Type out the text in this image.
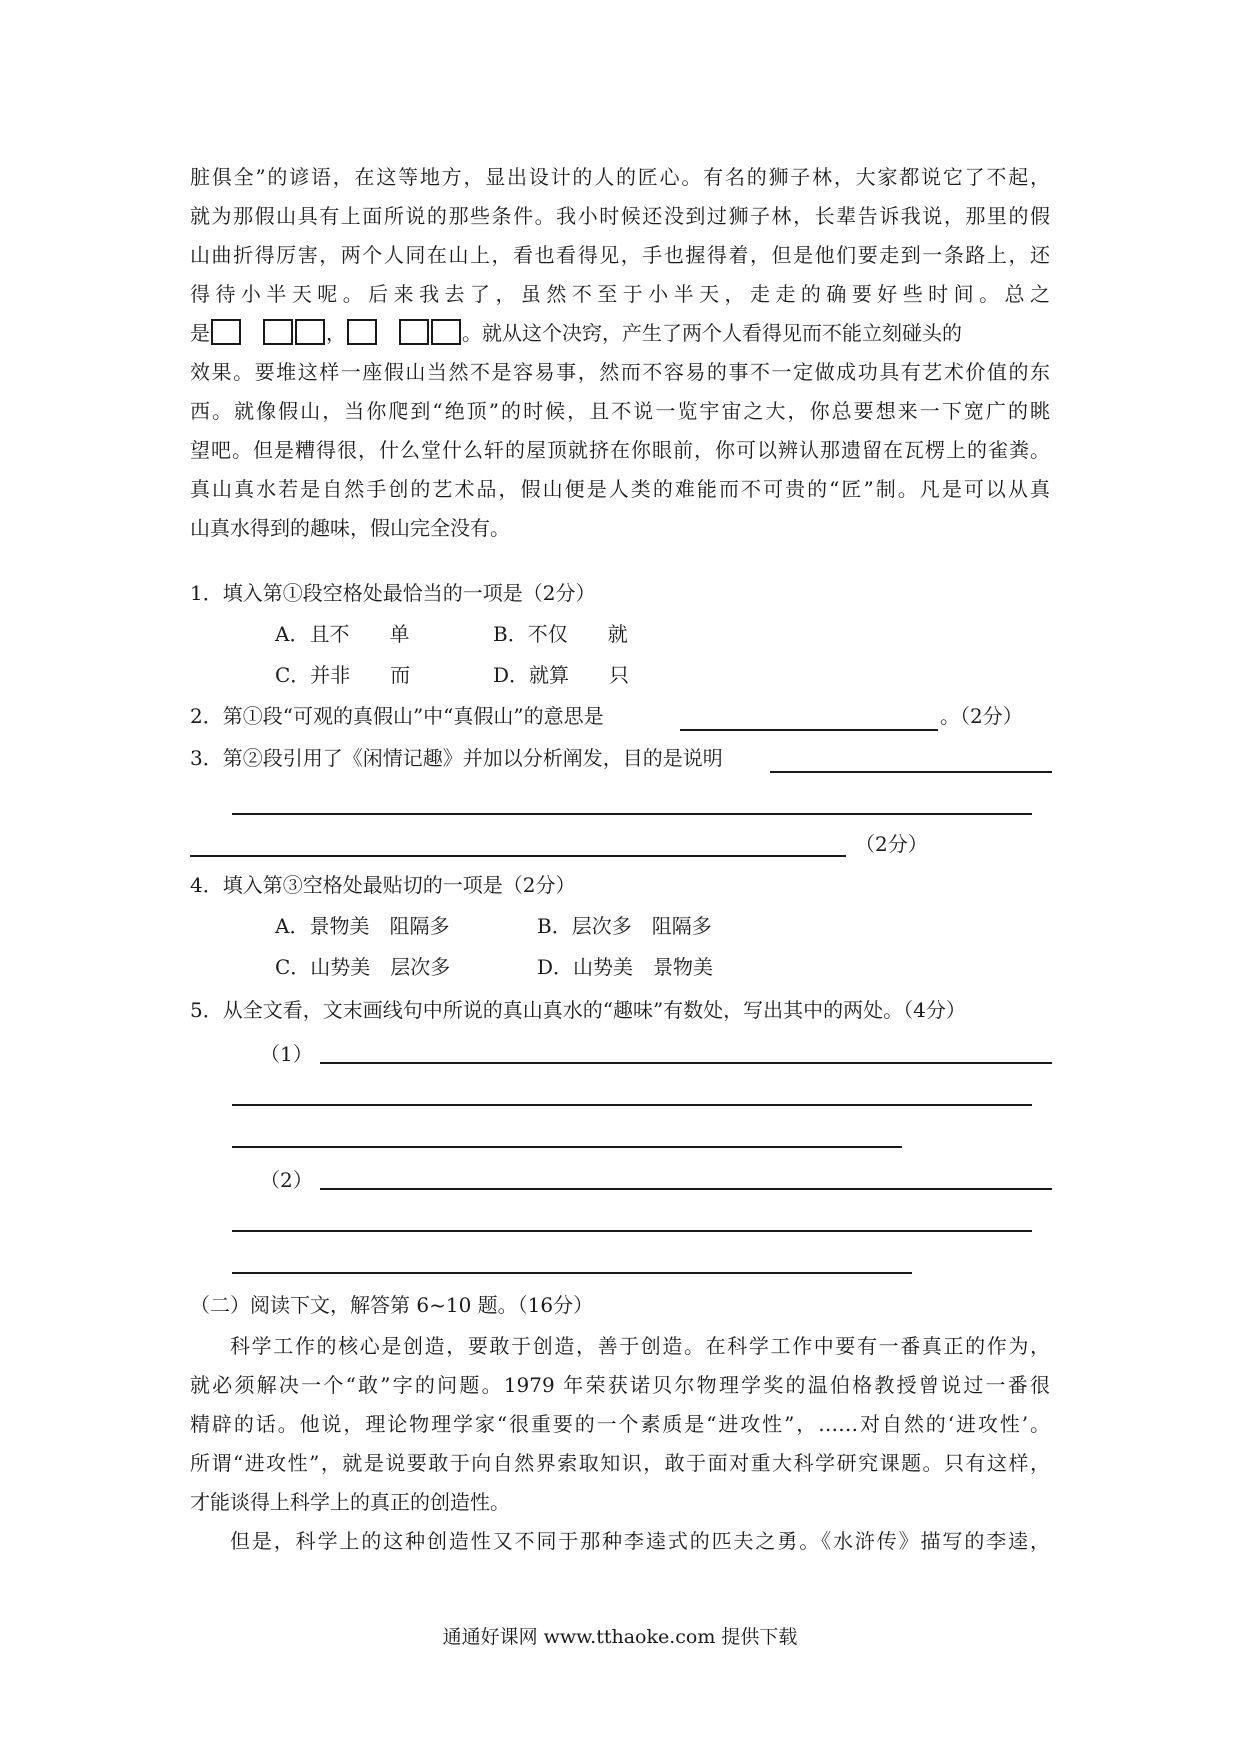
脏俱全”的谚语，在这等地方，显出设计的人的匠心。有名的狮子林，大家都说它了不起，
就为那假山具有上面所说的那些条件。我小时候还没到过狮子林，长辈告诉我说，那里的假
山曲折得厉害，两个人同在山上，看也看得见，手也握得着，但是他们要走到一条路上，还
得待小半天呢。后来我去了，虽然不至于小半天，走走的确要好些时间。总之
是	，	。就从这个决窍，产生了两个人看得见而不能立刻碰头的
效果。要堆这样一座假山当然不是容易事，然而不容易的事不一定做成功具有艺术价值的东
西。就像假山，当你爬到“绝顶”的时候，且不说一览宇宙之大，你总要想来一下宽广的眺
望吧。但是糟得很，什么堂什么轩的屋顶就挤在你眼前，你可以辨认那遗留在瓦楞上的雀粪。
真山真水若是自然手创的艺术品，假山便是人类的难能而不可贵的“匠”制。凡是可以从真
山真水得到的趣味，假山完全没有。
1．填入第①段空格处最恰当的一项是（2分）
A．且不　　单	B．不仅　　就
C．并非　　而	D．就算　　只
2．第①段“可观的真假山”中“真假山”的意思是	。（2分）
3．第②段引用了《闲情记趣》并加以分析阐发，目的是说明
（2分）
4．填入第③空格处最贴切的一项是（2分）
A．景物美　阻隔多	B．层次多　阻隔多
C．山势美　层次多	D．山势美　景物美
5．从全文看，文末画线句中所说的真山真水的“趣味”有数处，写出其中的两处。（4分）
（1）
（2）
（二）阅读下文，解答第 6~10 题。（16分）
科学工作的核心是创造，要敢于创造，善于创造。在科学工作中要有一番真正的作为，
就必须解决一个“敢”字的问题。1979 年荣获诺贝尔物理学奖的温伯格教授曾说过一番很
精辟的话。他说，理论物理学家“很重要的一个素质是“进攻性”，……对自然的‘进攻性’。
所谓“进攻性”，就是说要敢于向自然界索取知识，敢于面对重大科学研究课题。只有这样，
才能谈得上科学上的真正的创造性。
但是，科学上的这种创造性又不同于那种李逵式的匹夫之勇。《水浒传》描写的李逵，
通通好课网 www.tthaoke.com 提供下载
